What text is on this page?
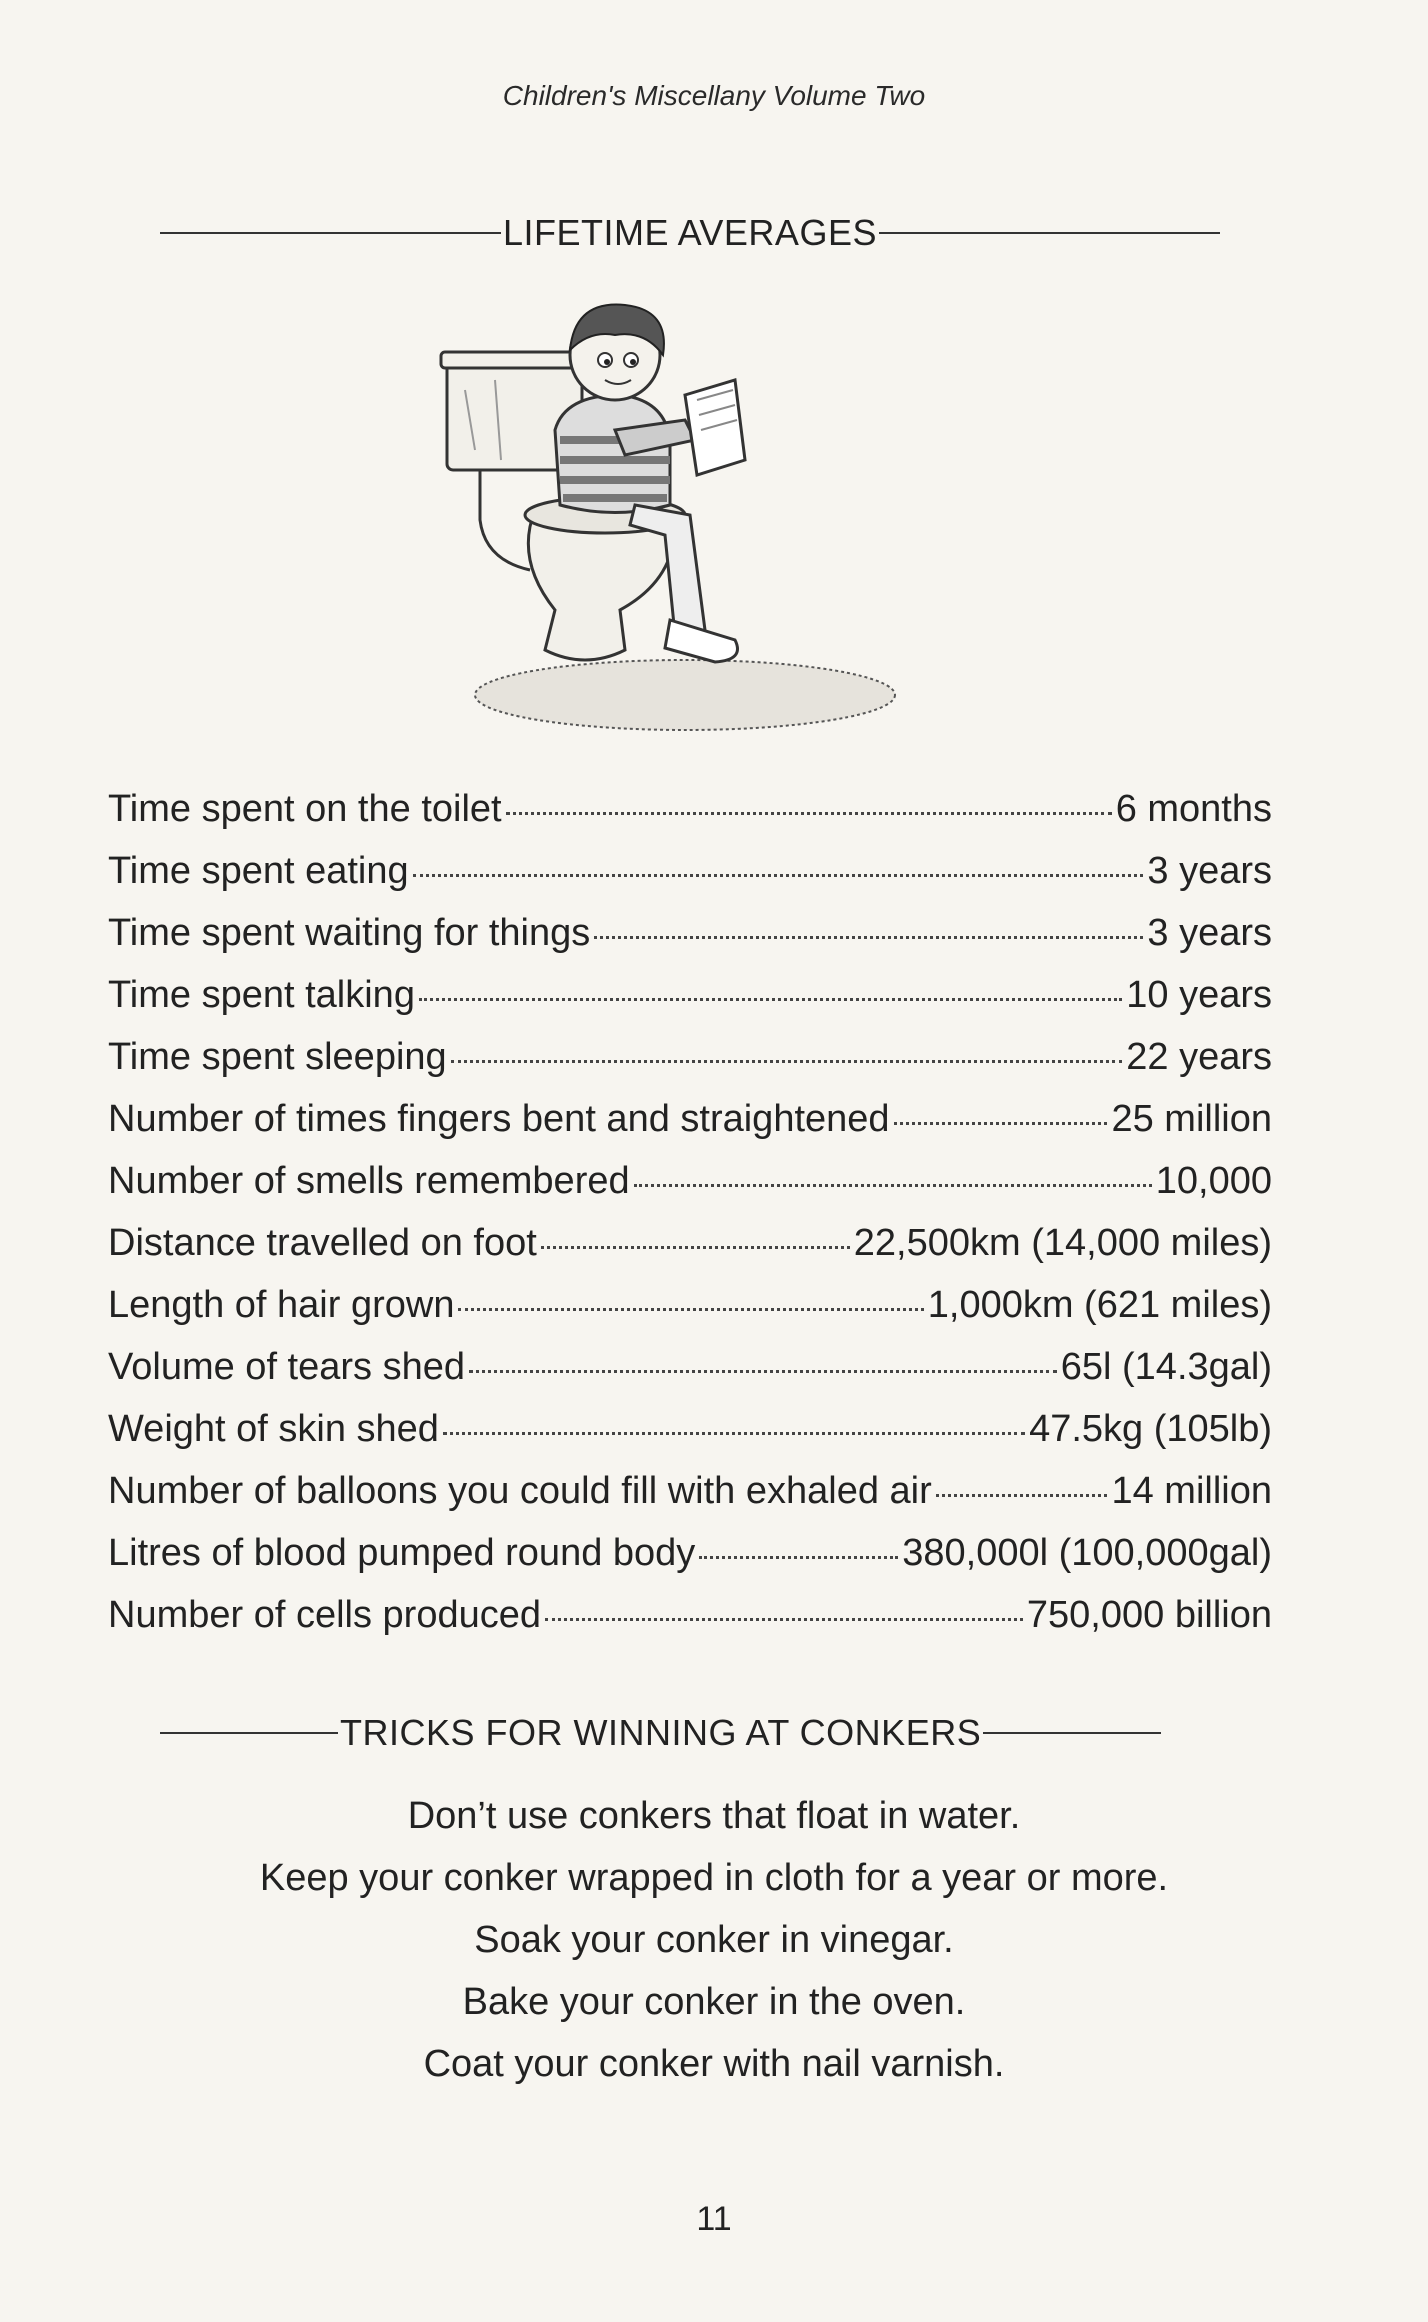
Children's Miscellany Volume Two
LIFETIME AVERAGES
Time spent on the toilet	6 months
Time spent eating	3 years
Time spent waiting for things	3 years
Time spent talking	10 years
Time spent sleeping	22 years
Number of times fingers bent and straightened	25 million
Number of smells remembered	10,000
Distance travelled on foot	22,500km (14,000 miles)
Length of hair grown	1,000km (621 miles)
Volume of tears shed	65l (14.3gal)
Weight of skin shed	47.5kg (105lb)
Number of balloons you could fill with exhaled air	14 million
Litres of blood pumped round body	380,000l (100,000gal)
Number of cells produced	750,000 billion
TRICKS FOR WINNING AT CONKERS
Don’t use conkers that float in water.
Keep your conker wrapped in cloth for a year or more.
Soak your conker in vinegar.
Bake your conker in the oven.
Coat your conker with nail varnish.
11
